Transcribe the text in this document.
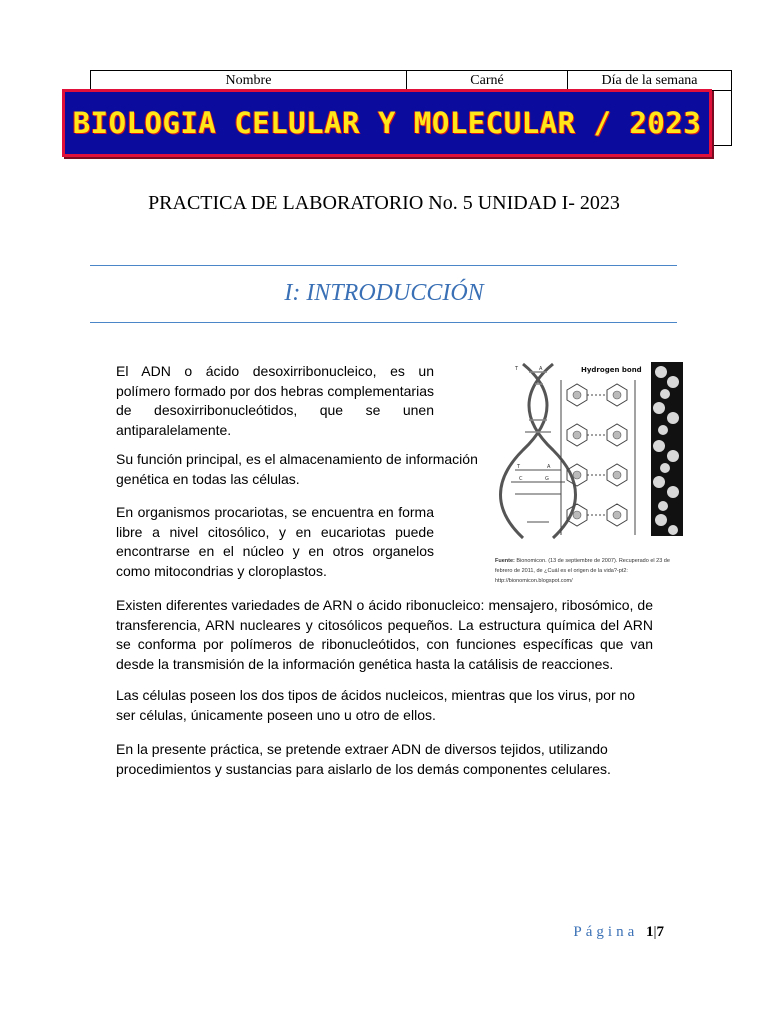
Nombre	Carné	Día de la semana
BIOLOGIA CELULAR Y MOLECULAR / 2023
PRACTICA DE LABORATORIO No. 5 UNIDAD I- 2023
I: INTRODUCCIÓN

El ADN o ácido desoxirribonucleico, es un polímero formado por dos hebras complementarias de desoxirribonucleótidos, que se unen antiparalelamente.

Su función principal, es el almacenamiento de información genética en todas las células.

En organismos procariotas, se encuentra en forma libre a nivel citosólico, y en eucariotas puede encontrarse en el núcleo y en otros organelos como mitocondrias y cloroplastos.

T	A
T	A
C	G
Hydrogen bond
Fuente: Bionomicon. (13 de septiembre de 2007). Recuperado el 23 de febrero de 2011, de ¿Cuál es el origen de la vida?-pt2: http://bionomicon.blogspot.com/

Existen diferentes variedades de ARN o ácido ribonucleico: mensajero, ribosómico, de transferencia, ARN nucleares y citosólicos pequeños. La estructura química del ARN se conforma por polímeros de ribonucleótidos, con funciones específicas que van desde la transmisión de la información genética hasta la catálisis de reacciones.

Las células poseen los dos tipos de ácidos nucleicos, mientras que los virus, por no ser células, únicamente poseen uno u otro de ellos.

En la presente práctica, se pretende extraer ADN de diversos tejidos, utilizando procedimientos y sustancias para aislarlo de los demás componentes celulares.

Página 1|7
